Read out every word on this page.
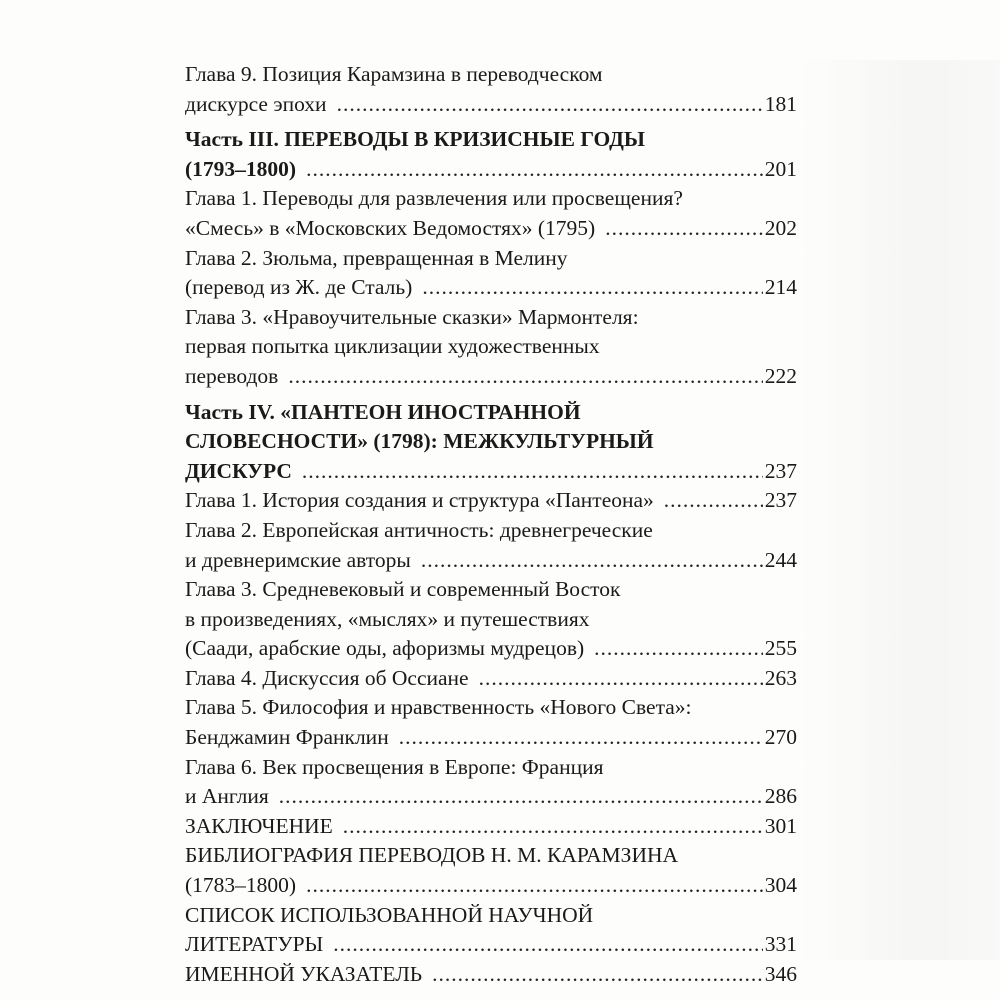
Глава 9. Позиция Карамзина в переводческом
дискурсе эпохи .....	181
Часть III. ПЕРЕВОДЫ В КРИЗИСНЫЕ ГОДЫ
(1793–1800) .....	201
Глава 1. Переводы для развлечения или просвещения?
«Смесь» в «Московских Ведомостях» (1795) .....	202
Глава 2. Зюльма, превращенная в Мелину
(перевод из Ж. де Сталь) .....	214
Глава 3. «Нравоучительные сказки» Мармонтеля:
первая попытка циклизации художественных
переводов .....	222
Часть IV. «ПАНТЕОН ИНОСТРАННОЙ
СЛОВЕСНОСТИ» (1798): МЕЖКУЛЬТУРНЫЙ
ДИСКУРС .....	237
Глава 1. История создания и структура «Пантеона» .....	237
Глава 2. Европейская античность: древнегреческие
и древнеримские авторы .....	244
Глава 3. Средневековый и современный Восток
в произведениях, «мыслях» и путешествиях
(Саади, арабские оды, афоризмы мудрецов) .....	255
Глава 4. Дискуссия об Оссиане .....	263
Глава 5. Философия и нравственность «Нового Света»:
Бенджамин Франклин .....	270
Глава 6. Век просвещения в Европе: Франция
и Англия .....	286
ЗАКЛЮЧЕНИЕ .....	301
БИБЛИОГРАФИЯ ПЕРЕВОДОВ Н. М. КАРАМЗИНА
(1783–1800) .....	304
СПИСОК ИСПОЛЬЗОВАННОЙ НАУЧНОЙ
ЛИТЕРАТУРЫ .....	331
ИМЕННОЙ УКАЗАТЕЛЬ .....	346
